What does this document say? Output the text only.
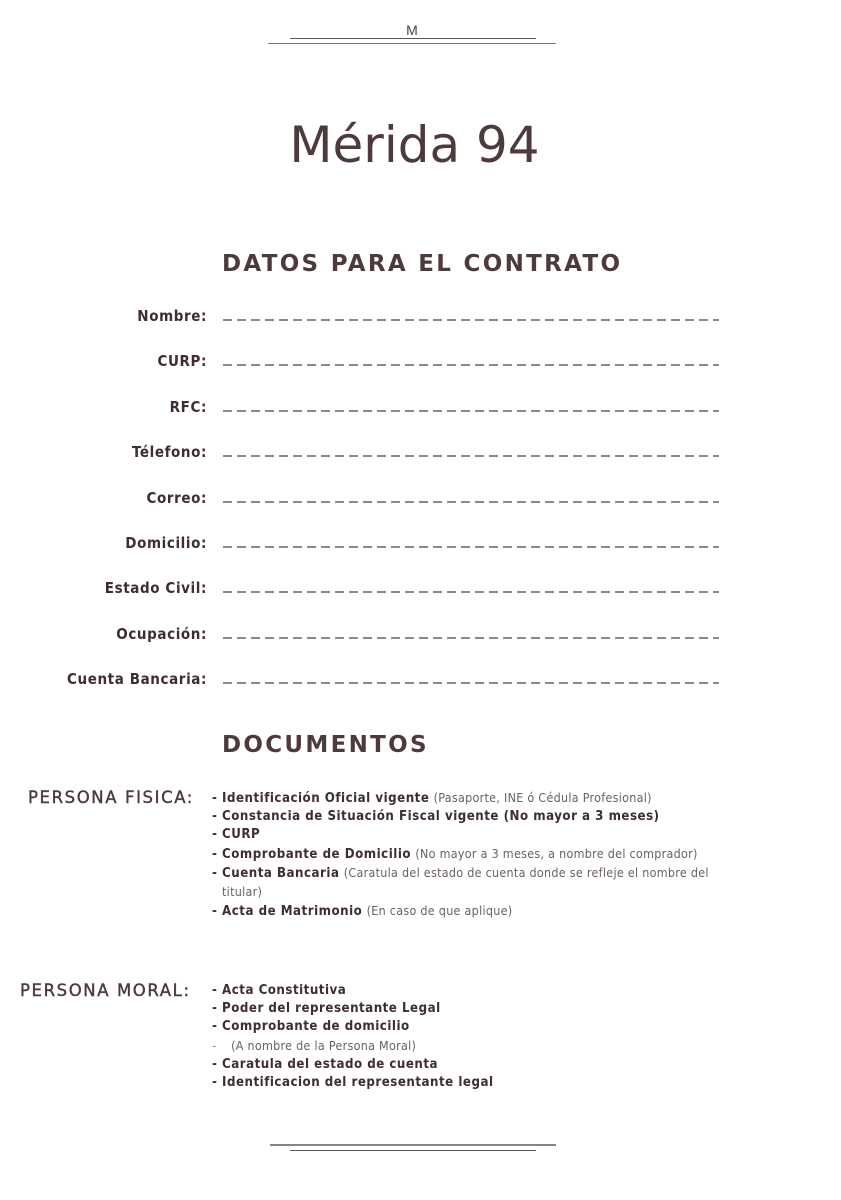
M
Mérida 94
DATOS PARA EL CONTRATO
Nombre:
CURP:
RFC:
Télefono:
Correo:
Domicilio:
Estado Civil:
Ocupación:
Cuenta Bancaria:
DOCUMENTOS
PERSONA FISICA: - Identificación Oficial vigente (Pasaporte, INE ó Cédula Profesional)
- Constancia de Situación Fiscal vigente (No mayor a 3 meses)
- CURP
- Comprobante de Domicilio (No mayor a 3 meses, a nombre del comprador)
- Cuenta Bancaria (Caratula del estado de cuenta donde se refleje el nombre del titular)
- Acta de Matrimonio (En caso de que aplique)
PERSONA MORAL: - Acta Constitutiva
- Poder del representante Legal
- Comprobante de domicilio
- (A nombre de la Persona Moral)
- Caratula del estado de cuenta
- Identificacion del representante legal
